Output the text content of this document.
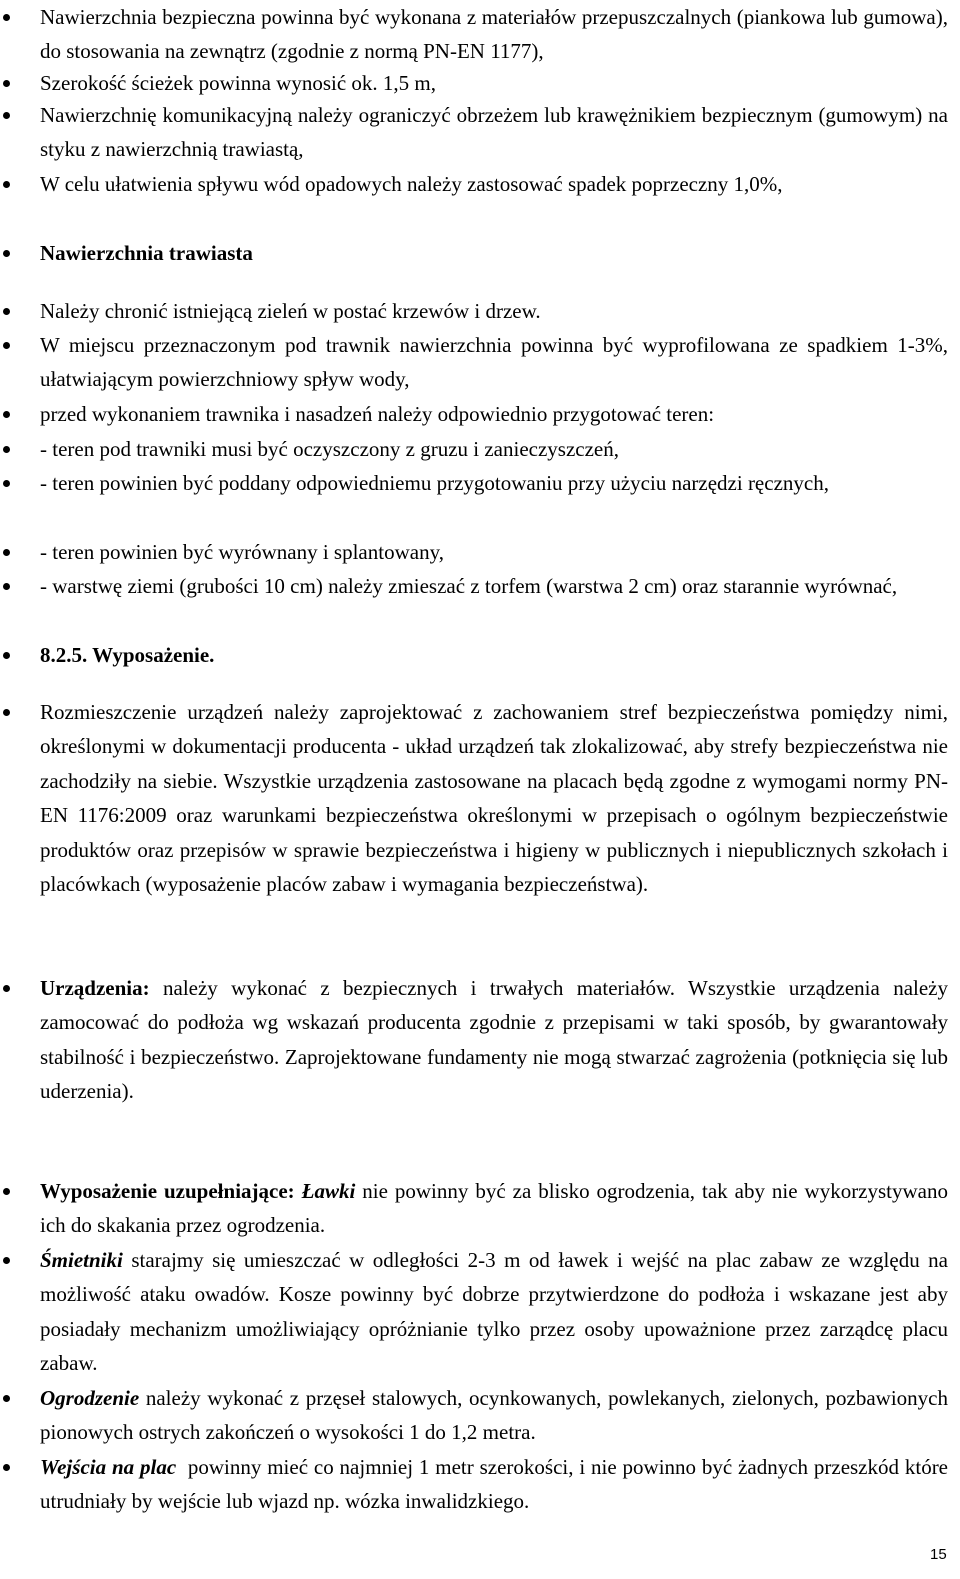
Nawierzchnia bezpieczna powinna być wykonana z materiałów przepuszczalnych (piankowa lub gumowa), do stosowania na zewnątrz (zgodnie z normą PN-EN 1177),
Szerokość ścieżek powinna wynosić ok. 1,5 m,
Nawierzchnię komunikacyjną należy ograniczyć obrzeżem lub krawężnikiem bezpiecznym (gumowym) na styku z nawierzchnią trawiastą,
W celu ułatwienia spływu wód opadowych należy zastosować spadek poprzeczny 1,0%,
Nawierzchnia trawiasta
Należy chronić istniejącą zieleń w postać krzewów i drzew.
W miejscu przeznaczonym pod trawnik nawierzchnia powinna być wyprofilowana ze spadkiem 1-3%, ułatwiającym powierzchniowy spływ wody,
przed wykonaniem trawnika i nasadzeń należy odpowiednio przygotować teren:
- teren pod trawniki musi być oczyszczony z gruzu i zanieczyszczeń,
- teren powinien być poddany odpowiedniemu przygotowaniu przy użyciu narzędzi ręcznych,
- teren powinien być wyrównany i splantowany,
- warstwę ziemi (grubości 10 cm) należy zmieszać z torfem (warstwa 2 cm) oraz starannie wyrównać,
8.2.5. Wyposażenie.
Rozmieszczenie urządzeń należy zaprojektować z zachowaniem stref bezpieczeństwa pomiędzy nimi, określonymi w dokumentacji producenta - układ urządzeń tak zlokalizować, aby strefy bezpieczeństwa nie zachodziły na siebie. Wszystkie urządzenia zastosowane na placach będą zgodne z wymogami normy PN-EN 1176:2009 oraz warunkami bezpieczeństwa określonymi w przepisach o ogólnym bezpieczeństwie produktów oraz przepisów w sprawie bezpieczeństwa i higieny w publicznych i niepublicznych szkołach i placówkach (wyposażenie placów zabaw i wymagania bezpieczeństwa).
Urządzenia: należy wykonać z bezpiecznych i trwałych materiałów. Wszystkie urządzenia należy zamocować do podłoża wg wskazań producenta zgodnie z przepisami w taki sposób, by gwarantowały stabilność i bezpieczeństwo. Zaprojektowane fundamenty nie mogą stwarzać zagrożenia (potknięcia się lub uderzenia).
Wyposażenie uzupełniające: Ławki nie powinny być za blisko ogrodzenia, tak aby nie wykorzystywano ich do skakania przez ogrodzenia.
Śmietniki starajmy się umieszczać w odległości 2-3 m od ławek i wejść na plac zabaw ze względu na możliwość ataku owadów. Kosze powinny być dobrze przytwierdzone do podłoża i wskazane jest aby posiadały mechanizm umożliwiający opróżnianie tylko przez osoby upoważnione przez zarządcę placu zabaw.
Ogrodzenie należy wykonać z przęseł stalowych, ocynkowanych, powlekanych, zielonych, pozbawionych pionowych ostrych zakończeń o wysokości 1 do 1,2 metra.
Wejścia na plac  powinny mieć co najmniej 1 metr szerokości, i nie powinno być żadnych przeszkód które utrudniały by wejście lub wjazd np. wózka inwalidzkiego.
15
